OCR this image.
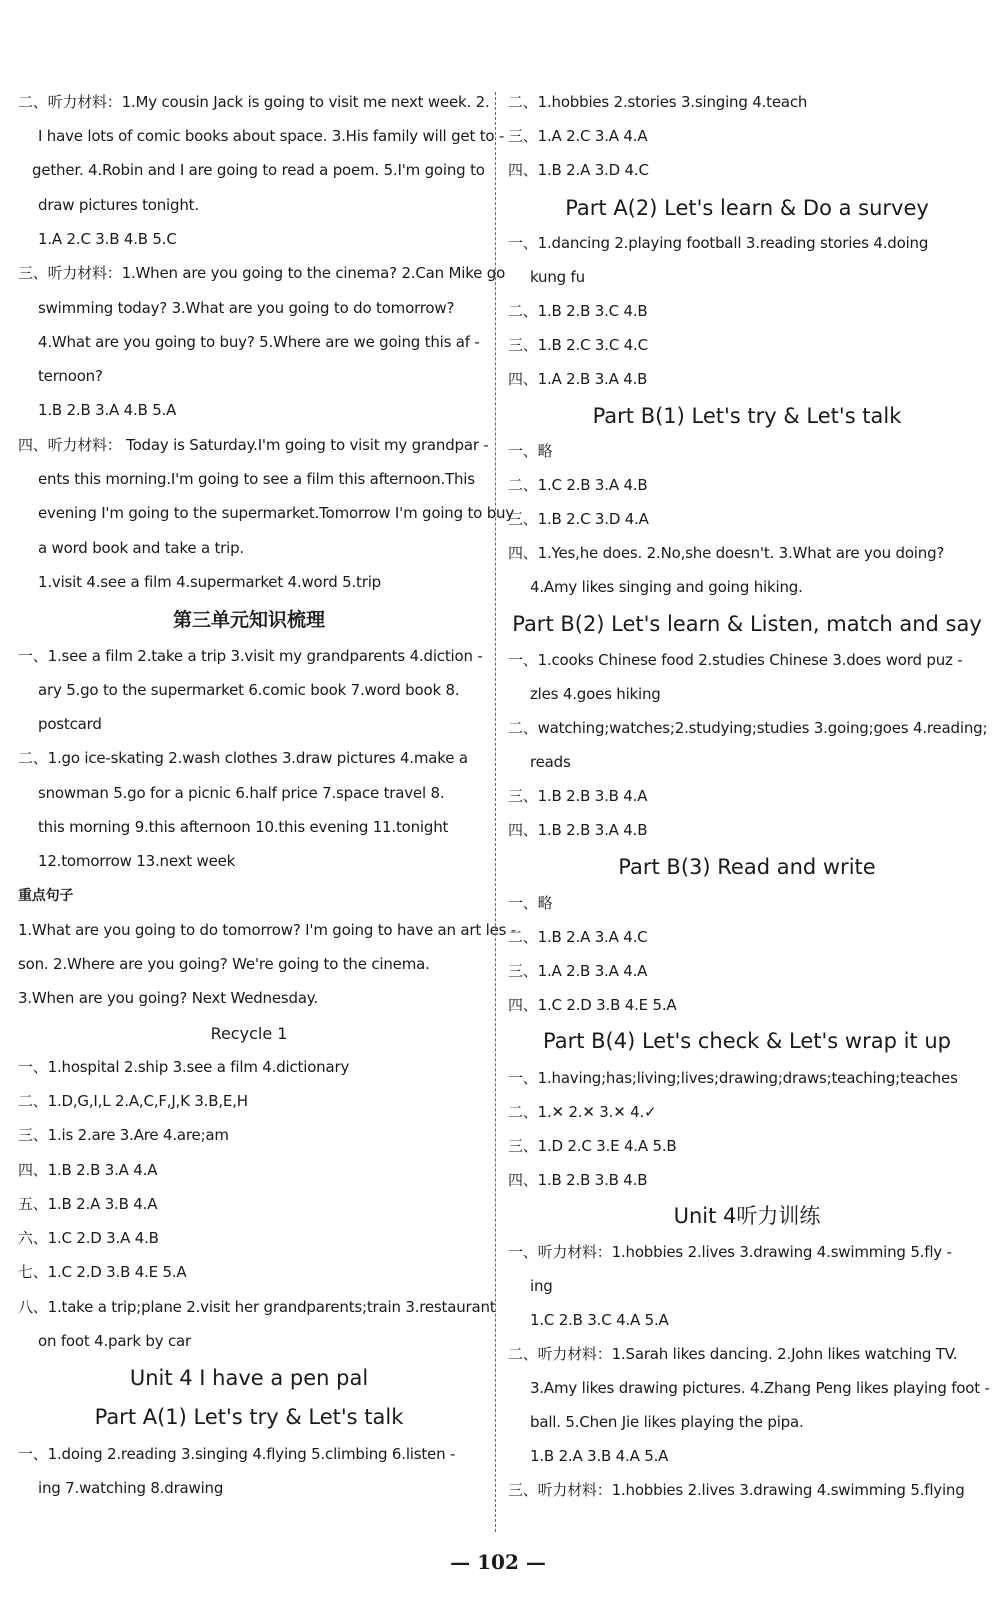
二、听力材料：1.My cousin Jack is going to visit me next week. 2.
I have lots of comic books about space. 3.His family will get to -
gether. 4.Robin and I are going to read a poem. 5.I'm going to
draw pictures tonight.
1.A 2.C 3.B 4.B 5.C
三、听力材料：1.When are you going to the cinema? 2.Can Mike go
swimming today? 3.What are you going to do tomorrow?
4.What are you going to buy? 5.Where are we going this af -
ternoon?
1.B 2.B 3.A 4.B 5.A
四、听力材料： Today is Saturday.I'm going to visit my grandpar -
ents this morning.I'm going to see a film this afternoon.This
evening I'm going to the supermarket.Tomorrow I'm going to buy
a word book and take a trip.
1.visit 4.see a film 4.supermarket 4.word 5.trip
第三单元知识梳理
一、1.see a film 2.take a trip 3.visit my grandparents 4.diction -
ary 5.go to the supermarket 6.comic book 7.word book 8.
postcard
二、1.go ice-skating 2.wash clothes 3.draw pictures 4.make a
snowman 5.go for a picnic 6.half price 7.space travel 8.
this morning 9.this afternoon 10.this evening 11.tonight
12.tomorrow 13.next week
重点句子
1.What are you going to do tomorrow? I'm going to have an art les -
son. 2.Where are you going? We're going to the cinema.
3.When are you going? Next Wednesday.
Recycle 1
一、1.hospital 2.ship 3.see a film 4.dictionary
二、1.D,G,I,L 2.A,C,F,J,K 3.B,E,H
三、1.is 2.are 3.Are 4.are;am
四、1.B 2.B 3.A 4.A
五、1.B 2.A 3.B 4.A
六、1.C 2.D 3.A 4.B
七、1.C 2.D 3.B 4.E 5.A
八、1.take a trip;plane 2.visit her grandparents;train 3.restaurant
on foot 4.park by car
Unit 4 I have a pen pal
Part A(1) Let's try & Let's talk
一、1.doing 2.reading 3.singing 4.flying 5.climbing 6.listen -
ing 7.watching 8.drawing
二、1.hobbies 2.stories 3.singing 4.teach
三、1.A 2.C 3.A 4.A
四、1.B 2.A 3.D 4.C
Part A(2) Let's learn & Do a survey
一、1.dancing 2.playing football 3.reading stories 4.doing
kung fu
二、1.B 2.B 3.C 4.B
三、1.B 2.C 3.C 4.C
四、1.A 2.B 3.A 4.B
Part B(1) Let's try & Let's talk
一、略
二、1.C 2.B 3.A 4.B
三、1.B 2.C 3.D 4.A
四、1.Yes,he does. 2.No,she doesn't. 3.What are you doing?
4.Amy likes singing and going hiking.
Part B(2) Let's learn & Listen, match and say
一、1.cooks Chinese food 2.studies Chinese 3.does word puz -
zles 4.goes hiking
二、watching;watches;2.studying;studies 3.going;goes 4.reading;
reads
三、1.B 2.B 3.B 4.A
四、1.B 2.B 3.A 4.B
Part B(3) Read and write
一、略
二、1.B 2.A 3.A 4.C
三、1.A 2.B 3.A 4.A
四、1.C 2.D 3.B 4.E 5.A
Part B(4) Let's check & Let's wrap it up
一、1.having;has;living;lives;drawing;draws;teaching;teaches
二、1.✕ 2.✕ 3.✕ 4.✓
三、1.D 2.C 3.E 4.A 5.B
四、1.B 2.B 3.B 4.B
Unit 4听力训练
一、听力材料：1.hobbies 2.lives 3.drawing 4.swimming 5.fly -
ing
1.C 2.B 3.C 4.A 5.A
二、听力材料：1.Sarah likes dancing. 2.John likes watching TV.
3.Amy likes drawing pictures. 4.Zhang Peng likes playing foot -
ball. 5.Chen Jie likes playing the pipa.
1.B 2.A 3.B 4.A 5.A
三、听力材料：1.hobbies 2.lives 3.drawing 4.swimming 5.flying
— 102 —
